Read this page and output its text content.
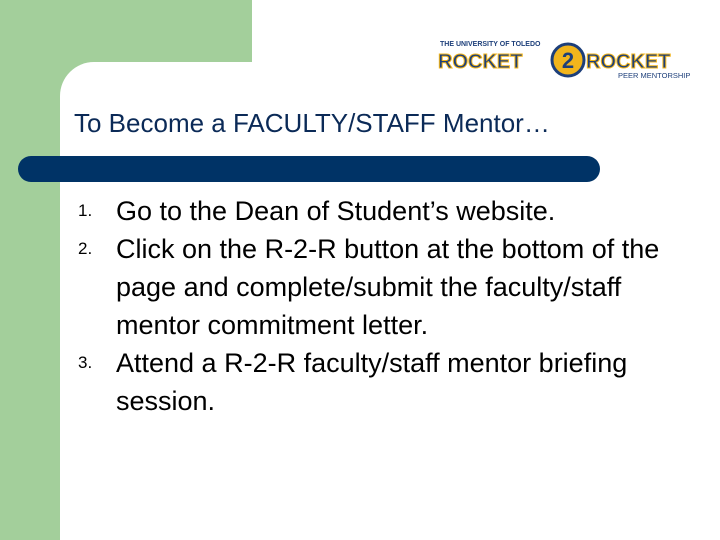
THE UNIVERSITY OF TOLEDO
ROCKET 2 ROCKET
PEER MENTORSHIP
To Become a FACULTY/STAFF Mentor…
1. Go to the Dean of Student’s website.
2. Click on the R-2-R button at the bottom of the page and complete/submit the faculty/staff mentor commitment letter.
3. Attend a R-2-R faculty/staff mentor briefing session.
